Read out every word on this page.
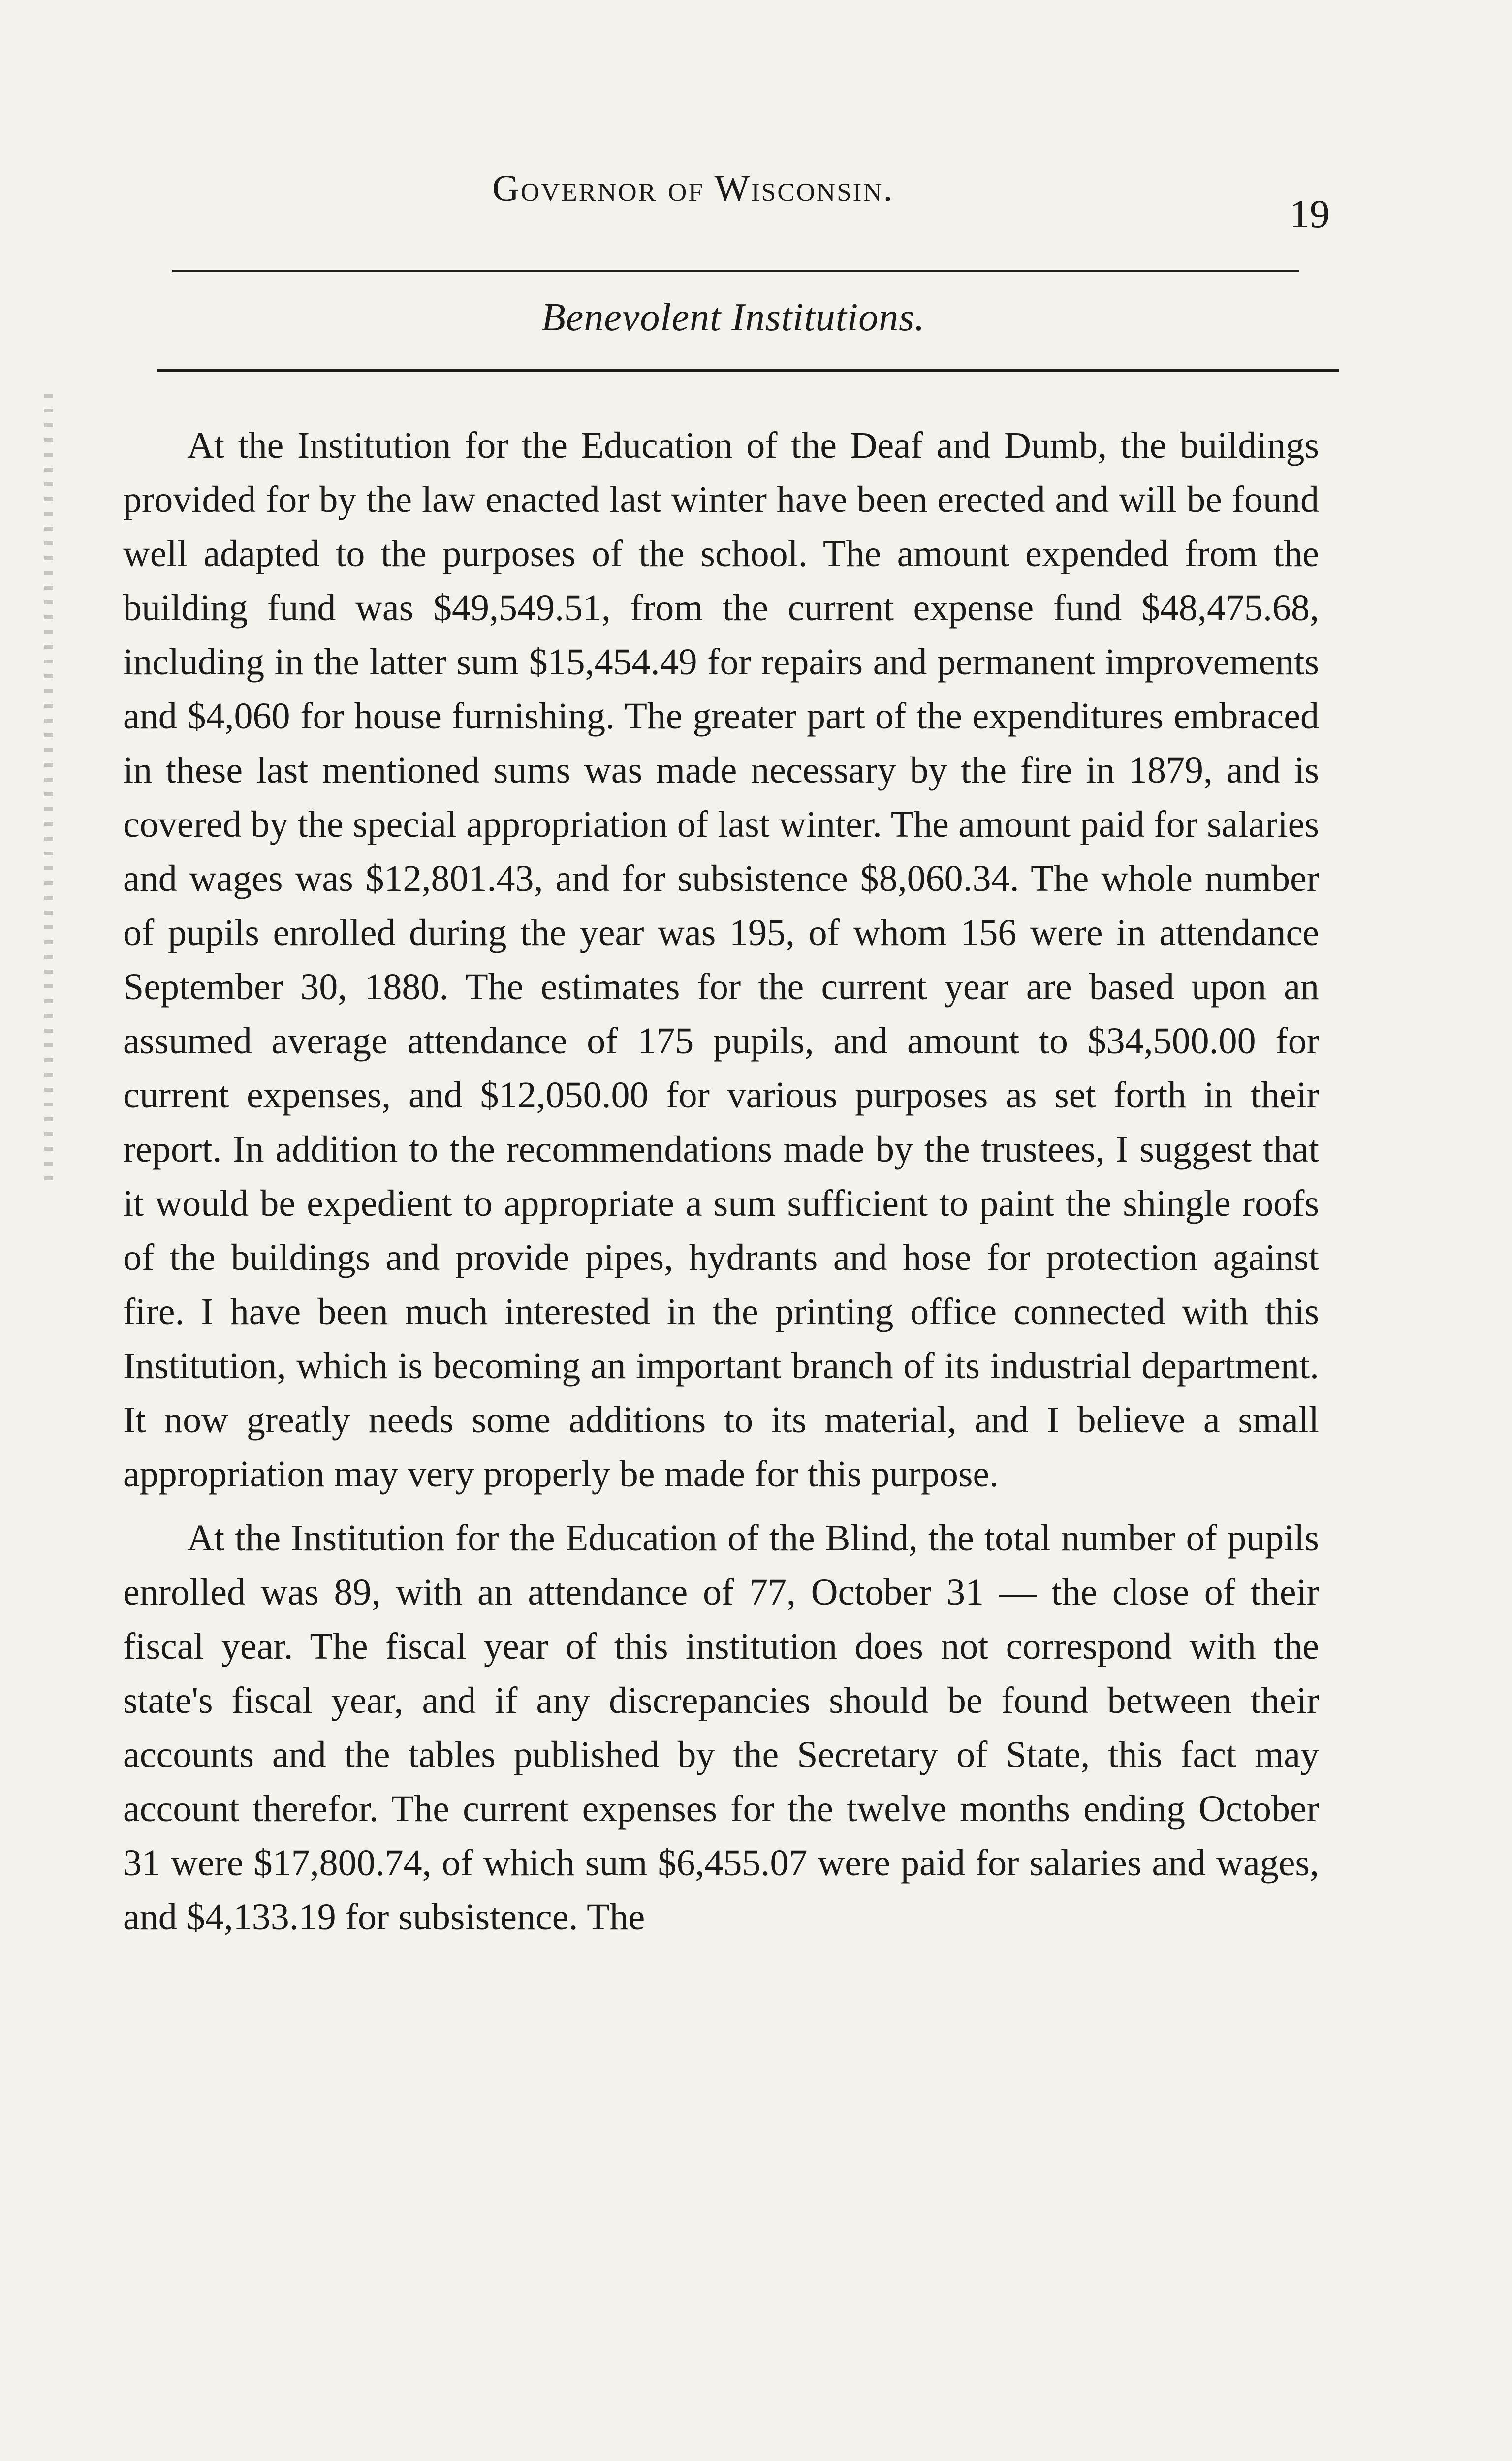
Governor of Wisconsin.
19
Benevolent Institutions.

At the Institution for the Education of the Deaf and Dumb, the buildings provided for by the law enacted last winter have been erected and will be found well adapted to the purposes of the school. The amount expended from the building fund was $49,549.51, from the current expense fund $48,475.68, including in the latter sum $15,454.49 for repairs and permanent improvements and $4,060 for house furnishing. The greater part of the expenditures embraced in these last mentioned sums was made necessary by the fire in 1879, and is covered by the special appropriation of last winter. The amount paid for salaries and wages was $12,801.43, and for subsistence $8,060.34. The whole number of pupils enrolled during the year was 195, of whom 156 were in attendance September 30, 1880. The estimates for the current year are based upon an assumed average attendance of 175 pupils, and amount to $34,500.00 for current expenses, and $12,050.00 for various purposes as set forth in their report. In addition to the recommendations made by the trustees, I suggest that it would be expedient to appropriate a sum sufficient to paint the shingle roofs of the buildings and provide pipes, hydrants and hose for protection against fire. I have been much interested in the printing office connected with this Institution, which is becoming an important branch of its industrial department. It now greatly needs some additions to its material, and I believe a small appropriation may very properly be made for this purpose.

At the Institution for the Education of the Blind, the total number of pupils enrolled was 89, with an attendance of 77, October 31 — the close of their fiscal year. The fiscal year of this institution does not correspond with the state's fiscal year, and if any discrepancies should be found between their accounts and the tables published by the Secretary of State, this fact may account therefor. The current expenses for the twelve months ending October 31 were $17,800.74, of which sum $6,455.07 were paid for salaries and wages, and $4,133.19 for subsistence. The
